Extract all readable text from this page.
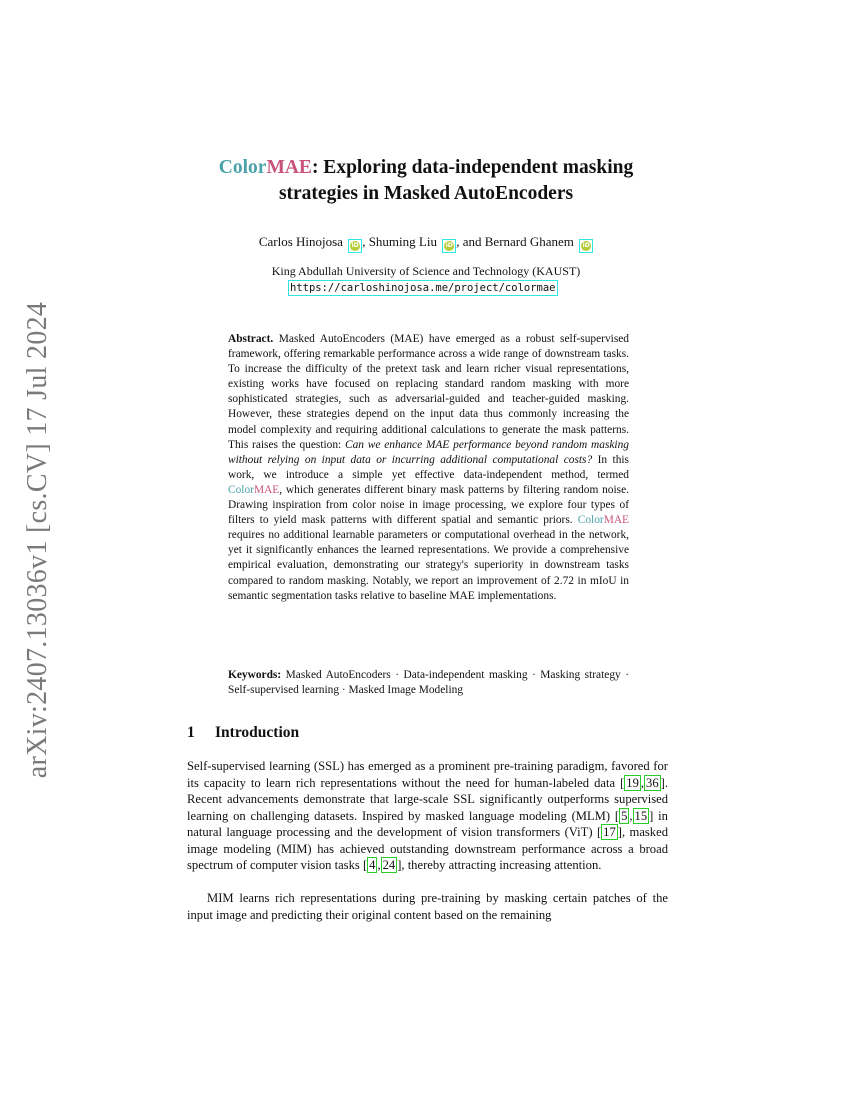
arXiv:2407.13036v1 [cs.CV] 17 Jul 2024
ColorMAE: Exploring data-independent masking
strategies in Masked AutoEncoders
Carlos Hinojosa iD , Shuming Liu iD , and Bernard Ghanem iD
King Abdullah University of Science and Technology (KAUST)
https://carloshinojosa.me/project/colormae
Abstract. Masked AutoEncoders (MAE) have emerged as a robust self-supervised framework, offering remarkable performance across a wide range of downstream tasks. To increase the difficulty of the pretext task and learn richer visual representations, existing works have focused on replacing standard random masking with more sophisticated strategies, such as adversarial-guided and teacher-guided masking. However, these strategies depend on the input data thus commonly increasing the model complexity and requiring additional calculations to generate the mask patterns. This raises the question: Can we enhance MAE performance beyond random masking without relying on input data or incurring additional computational costs? In this work, we introduce a simple yet effective data-independent method, termed ColorMAE, which generates different binary mask patterns by filtering random noise. Drawing inspiration from color noise in image processing, we explore four types of filters to yield mask patterns with different spatial and semantic priors. ColorMAE requires no additional learnable parameters or computational overhead in the network, yet it significantly enhances the learned representations. We provide a comprehensive empirical evaluation, demonstrating our strategy's superiority in downstream tasks compared to random masking. Notably, we report an improvement of 2.72 in mIoU in semantic segmentation tasks relative to baseline MAE implementations.
Keywords: Masked AutoEncoders · Data-independent masking · Masking strategy · Self-supervised learning · Masked Image Modeling
1 Introduction

Self-supervised learning (SSL) has emerged as a prominent pre-training paradigm, favored for its capacity to learn rich representations without the need for human-labeled data [ 19 , 36 ]. Recent advancements demonstrate that large-scale SSL significantly outperforms supervised learning on challenging datasets. Inspired by masked language modeling (MLM) [ 5 , 15 ] in natural language processing and the development of vision transformers (ViT) [ 17 ], masked image modeling (MIM) has achieved outstanding downstream performance across a broad spectrum of computer vision tasks [ 4 , 24 ], thereby attracting increasing attention.

MIM learns rich representations during pre-training by masking certain patches of the input image and predicting their original content based on the remaining
